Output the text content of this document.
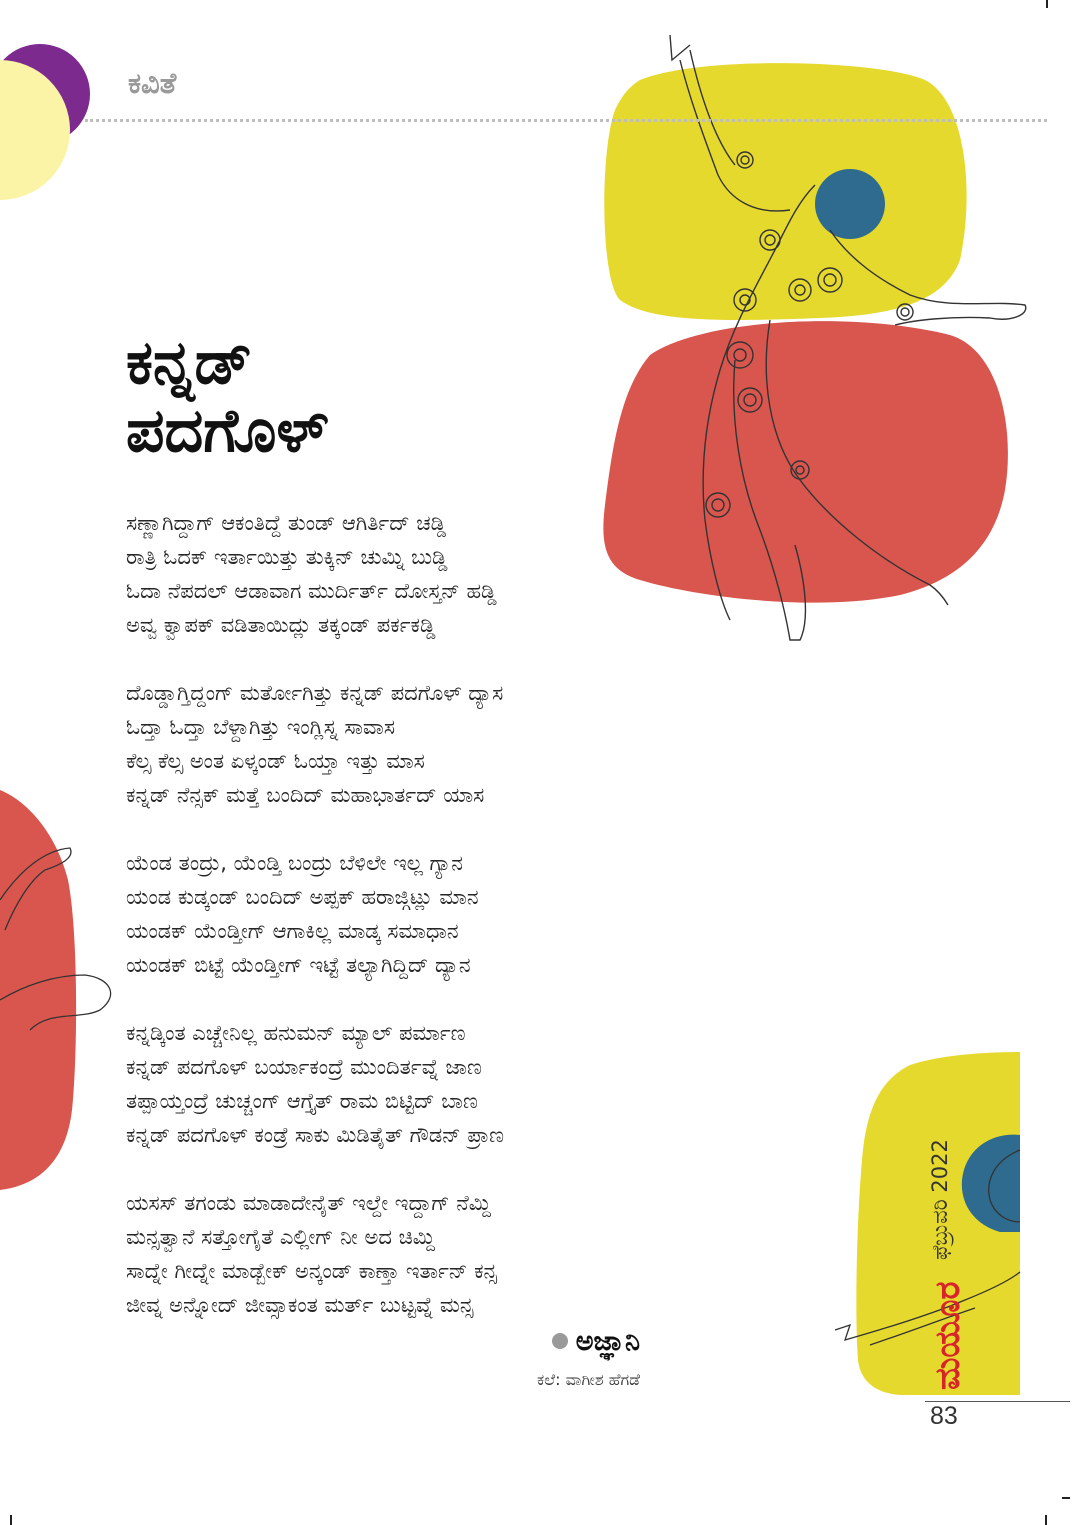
ಕವಿತೆ
ಕನ್ನಡ್
ಪದಗೊಳ್
ಸಣ್ಣಾಗಿದ್ದಾಗ್ ಆಕಂತಿದ್ದೆ ತುಂಡ್ ಆಗಿರ್ತಿದ್ ಚಡ್ಡಿ
ರಾತ್ರಿ ಓದಕ್ ಇರ್ತಾಯಿತ್ತು ತುಕ್ಕಿನ್ ಚುಮ್ನಿ ಬುಡ್ಡಿ
ಓದಾ ನೆಪದಲ್ ಆಡಾವಾಗ ಮುರ್ದಿರ್ತ್ ದೋಸ್ತನ್ ಹಡ್ಡಿ
ಅವ್ವ ಕ್ವಾಪಕ್ ವಡಿತಾಯಿದ್ಲು ತಕ್ಕಂಡ್ ಪರ್ಕಕಡ್ಡಿ
ದೊಡ್ಡಾಗ್ತಿದ್ದಂಗ್ ಮರ್ತೋಗಿತ್ತು ಕನ್ನಡ್ ಪದಗೊಳ್ ದ್ಯಾಸ
ಓದ್ತಾ ಓದ್ತಾ ಬೆಳ್ದಾಗಿತ್ತು ಇಂಗ್ಲಿಸ್ನ ಸಾವಾಸ
ಕೆಲ್ಸ ಕೆಲ್ಸ ಅಂತ ಏಳ್ಕಂಡ್ ಓಯ್ತಾ ಇತ್ತು ಮಾಸ
ಕನ್ನಡ್ ನೆನ್ಸಕ್ ಮತ್ತೆ ಬಂದಿದ್ ಮಹಾಭಾರ್ತದ್ ಯಾಸ
ಯೆಂಡ ತಂದ್ರು, ಯೆಂಡ್ತಿ ಬಂದ್ರು ಬೆಳಿಲೇ ಇಲ್ಲ ಗ್ಯಾನ
ಯಂಡ ಕುಡ್ಕಂಡ್ ಬಂದಿದ್ ಅಪ್ಪಕ್ ಹರಾಜ್ಗಿಟ್ಲು ಮಾನ
ಯಂಡಕ್ ಯೆಂಡ್ತೀಗ್ ಆಗಾಕಿಲ್ಲ ಮಾಡ್ಕ ಸಮಾಧಾನ
ಯಂಡಕ್ ಬಿಟ್ಟೆ ಯೆಂಡ್ತೀಗ್ ಇಟ್ಟೆ ತಲ್ಯಾಗಿದ್ದಿದ್ ದ್ಯಾನ
ಕನ್ನಡ್ಕಿಂತ ಎಚ್ಚೇನಿಲ್ಲ ಹನುಮನ್ ಮ್ಯಾಲ್ ಪರ್ಮಾಣ
ಕನ್ನಡ್ ಪದಗೊಳ್ ಬರ್ಯಾಕಂದ್ರೆ ಮುಂದಿರ್ತವ್ನೆ ಜಾಣ
ತಪ್ಪಾಯ್ತಂದ್ರೆ ಚುಚ್ಚಂಗ್ ಆಗ್ತೈತ್ ರಾಮ ಬಿಟ್ಟಿದ್ ಬಾಣ
ಕನ್ನಡ್ ಪದಗೊಳ್ ಕಂಡ್ರೆ ಸಾಕು ಮಿಡಿತೈತ್ ಗೌಡನ್ ಪ್ರಾಣ
ಯಸಸ್ ತಗಂಡು ಮಾಡಾದೇನೈತ್ ಇಲ್ದೇ ಇದ್ದಾಗ್ ನೆಮ್ದಿ
ಮನ್ಸತ್ವಾನೆ ಸತ್ತೋಗೈತೆ ಎಲ್ಲೀಗ್ ನೀ ಅದ ಚಿಮ್ದಿ
ಸಾದ್ನೇ ಗೀದ್ನೇ ಮಾಡ್ಬೇಕ್ ಅನ್ಕಂಡ್ ಕಾಣ್ತಾ ಇರ್ತಾನ್ ಕನ್ಸ
ಜೀವ್ನ ಅನ್ನೋದ್ ಜೀವ್ಸಾಕಂತ ಮರ್ತ್ ಬುಟ್ಟವ್ನೆ ಮನ್ಸ
ಅಜ್ಞಾನಿ
ಕಲೆ: ವಾಗೀಶ ಹೆಗಡೆ
ಫೆಬ್ರುವರಿ 2022
ಮಯೂರ
83
